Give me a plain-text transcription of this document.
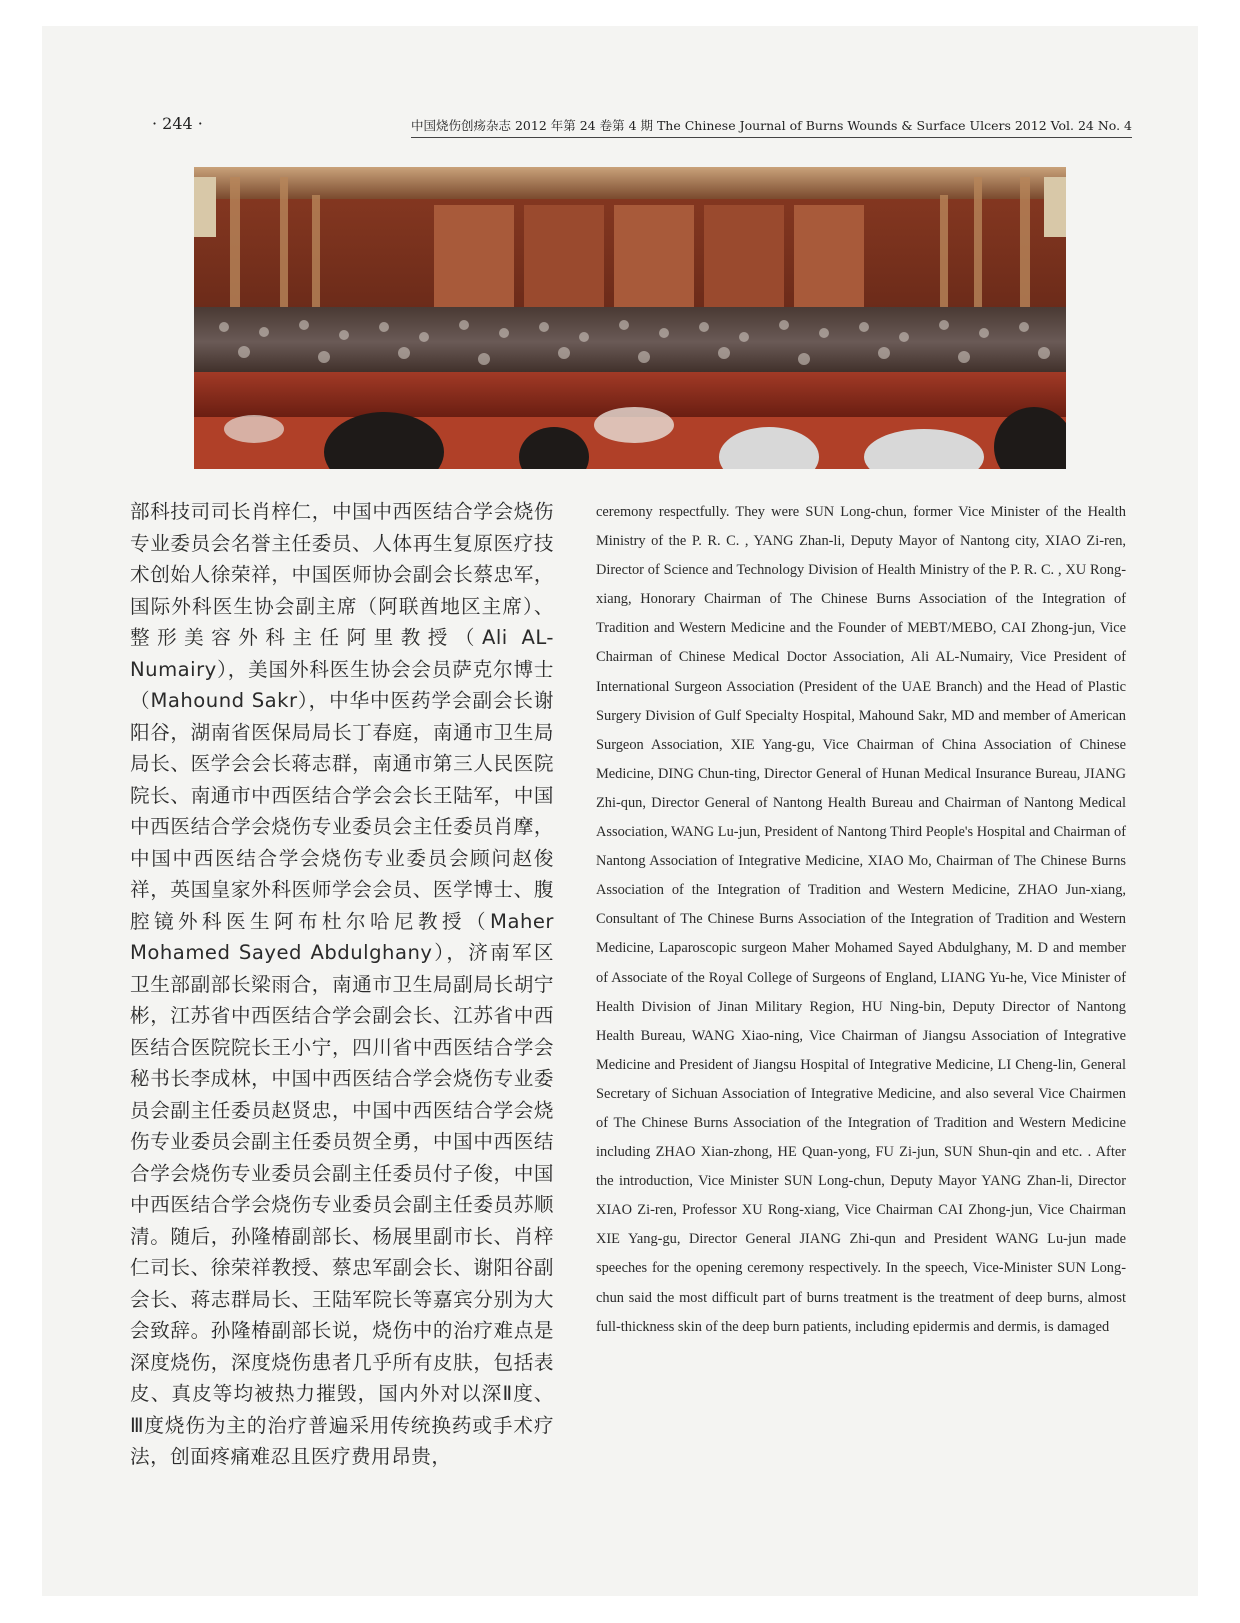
· 244 ·	中国烧伤创疡杂志 2012 年第 24 卷第 4 期 The Chinese Journal of Burns Wounds & Surface Ulcers 2012 Vol. 24 No. 4
部科技司司长肖梓仁，中国中西医结合学会烧伤专业委员会名誉主任委员、人体再生复原医疗技术创始人徐荣祥，中国医师协会副会长蔡忠军，国际外科医生协会副主席（阿联酋地区主席）、整形美容外科主任阿里教授（Ali AL-Numairy），美国外科医生协会会员萨克尔博士（Mahound Sakr），中华中医药学会副会长谢阳谷，湖南省医保局局长丁春庭，南通市卫生局局长、医学会会长蒋志群，南通市第三人民医院院长、南通市中西医结合学会会长王陆军，中国中西医结合学会烧伤专业委员会主任委员肖摩，中国中西医结合学会烧伤专业委员会顾问赵俊祥，英国皇家外科医师学会会员、医学博士、腹腔镜外科医生阿布杜尔哈尼教授（Maher Mohamed Sayed Abdulghany），济南军区卫生部副部长梁雨合，南通市卫生局副局长胡宁彬，江苏省中西医结合学会副会长、江苏省中西医结合医院院长王小宁，四川省中西医结合学会秘书长李成林，中国中西医结合学会烧伤专业委员会副主任委员赵贤忠，中国中西医结合学会烧伤专业委员会副主任委员贺全勇，中国中西医结合学会烧伤专业委员会副主任委员付子俊，中国中西医结合学会烧伤专业委员会副主任委员苏顺清。随后，孙隆椿副部长、杨展里副市长、肖梓仁司长、徐荣祥教授、蔡忠军副会长、谢阳谷副会长、蒋志群局长、王陆军院长等嘉宾分别为大会致辞。孙隆椿副部长说，烧伤中的治疗难点是深度烧伤，深度烧伤患者几乎所有皮肤，包括表皮、真皮等均被热力摧毁，国内外对以深Ⅱ度、Ⅲ度烧伤为主的治疗普遍采用传统换药或手术疗法，创面疼痛难忍且医疗费用昂贵，
ceremony respectfully. They were SUN Long-chun, former Vice Minister of the Health Ministry of the P. R. C. , YANG Zhan-li, Deputy Mayor of Nantong city, XIAO Zi-ren, Director of Science and Technology Division of Health Ministry of the P. R. C. , XU Rong-xiang, Honorary Chairman of The Chinese Burns Association of the Integration of Tradition and Western Medicine and the Founder of MEBT/MEBO, CAI Zhong-jun, Vice Chairman of Chinese Medical Doctor Association, Ali AL-Numairy, Vice President of International Surgeon Association (President of the UAE Branch) and the Head of Plastic Surgery Division of Gulf Specialty Hospital, Mahound Sakr, MD and member of American Surgeon Association, XIE Yang-gu, Vice Chairman of China Association of Chinese Medicine, DING Chun-ting, Director General of Hunan Medical Insurance Bureau, JIANG Zhi-qun, Director General of Nantong Health Bureau and Chairman of Nantong Medical Association, WANG Lu-jun, President of Nantong Third People's Hospital and Chairman of Nantong Association of Integrative Medicine, XIAO Mo, Chairman of The Chinese Burns Association of the Integration of Tradition and Western Medicine, ZHAO Jun-xiang, Consultant of The Chinese Burns Association of the Integration of Tradition and Western Medicine, Laparoscopic surgeon Maher Mohamed Sayed Abdulghany, M. D and member of Associate of the Royal College of Surgeons of England, LIANG Yu-he, Vice Minister of Health Division of Jinan Military Region, HU Ning-bin, Deputy Director of Nantong Health Bureau, WANG Xiao-ning, Vice Chairman of Jiangsu Association of Integrative Medicine and President of Jiangsu Hospital of Integrative Medicine, LI Cheng-lin, General Secretary of Sichuan Association of Integrative Medicine, and also several Vice Chairmen of The Chinese Burns Association of the Integration of Tradition and Western Medicine including ZHAO Xian-zhong, HE Quan-yong, FU Zi-jun, SUN Shun-qin and etc. . After the introduction, Vice Minister SUN Long-chun, Deputy Mayor YANG Zhan-li, Director XIAO Zi-ren, Professor XU Rong-xiang, Vice Chairman CAI Zhong-jun, Vice Chairman XIE Yang-gu, Director General JIANG Zhi-qun and President WANG Lu-jun made speeches for the opening ceremony respectively. In the speech, Vice-Minister SUN Long-chun said the most difficult part of burns treatment is the treatment of deep burns, almost full-thickness skin of the deep burn patients, including epidermis and dermis, is damaged
